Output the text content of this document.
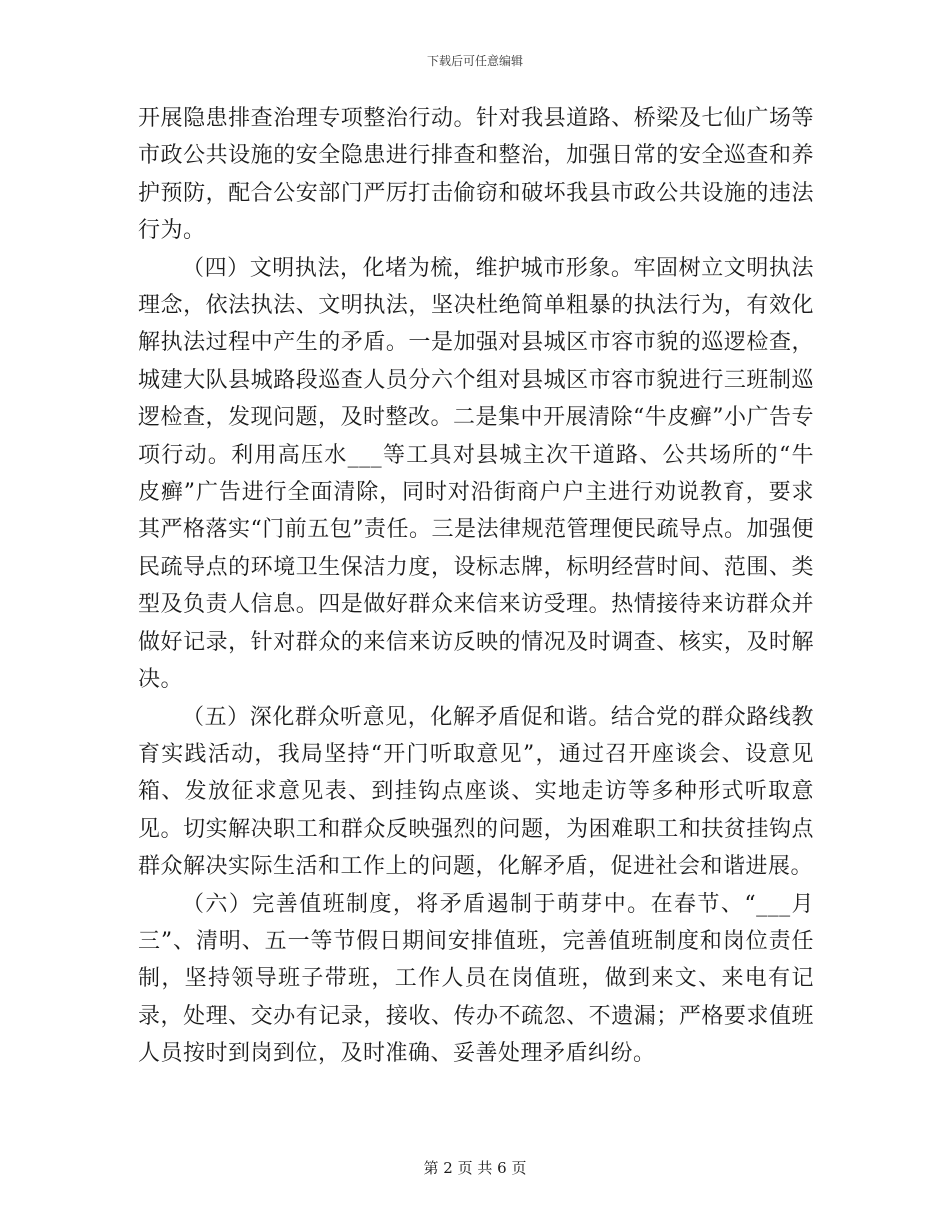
下载后可任意编辑

开展隐患排查治理专项整治行动。针对我县道路、桥梁及七仙广场等市政公共设施的安全隐患进行排查和整治，加强日常的安全巡查和养护预防，配合公安部门严厉打击偷窃和破坏我县市政公共设施的违法行为。

（四）文明执法，化堵为梳，维护城市形象。牢固树立文明执法理念，依法执法、文明执法，坚决杜绝简单粗暴的执法行为，有效化解执法过程中产生的矛盾。一是加强对县城区市容市貌的巡逻检查，城建大队县城路段巡查人员分六个组对县城区市容市貌进行三班制巡逻检查，发现问题，及时整改。二是集中开展清除“牛皮癣”小广告专项行动。利用高压水___等工具对县城主次干道路、公共场所的“牛皮癣”广告进行全面清除，同时对沿街商户户主进行劝说教育，要求其严格落实“门前五包”责任。三是法律规范管理便民疏导点。加强便民疏导点的环境卫生保洁力度，设标志牌，标明经营时间、范围、类型及负责人信息。四是做好群众来信来访受理。热情接待来访群众并做好记录，针对群众的来信来访反映的情况及时调查、核实，及时解决。

（五）深化群众听意见，化解矛盾促和谐。结合党的群众路线教育实践活动，我局坚持“开门听取意见”，通过召开座谈会、设意见箱、发放征求意见表、到挂钩点座谈、实地走访等多种形式听取意见。切实解决职工和群众反映强烈的问题，为困难职工和扶贫挂钩点群众解决实际生活和工作上的问题，化解矛盾，促进社会和谐进展。

（六）完善值班制度，将矛盾遏制于萌芽中。在春节、“___月三”、清明、五一等节假日期间安排值班，完善值班制度和岗位责任制，坚持领导班子带班，工作人员在岗值班，做到来文、来电有记录，处理、交办有记录，接收、传办不疏忽、不遗漏；严格要求值班人员按时到岗到位，及时准确、妥善处理矛盾纠纷。

第 2 页 共 6 页
